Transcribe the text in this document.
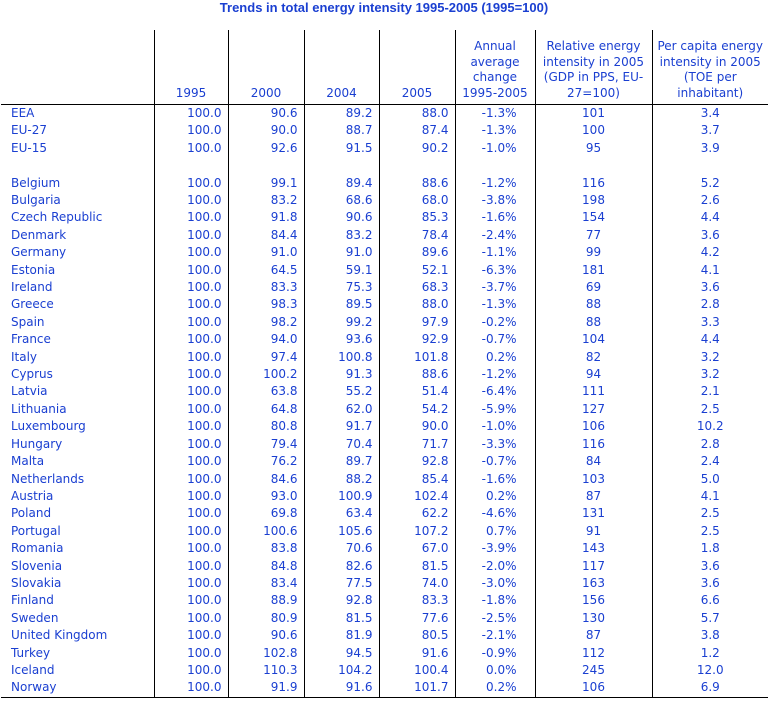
Trends in total energy intensity 1995-2005 (1995=100)
	1995	2000	2004	2005	Annual average change 1995-2005	Relative energy intensity in 2005 (GDP in PPS, EU-27=100)	Per capita energy intensity in 2005 (TOE per inhabitant)
EEA	100.0	90.6	89.2	88.0	-1.3%	101	3.4
EU-27	100.0	90.0	88.7	87.4	-1.3%	100	3.7
EU-15	100.0	92.6	91.5	90.2	-1.0%	95	3.9

Belgium	100.0	99.1	89.4	88.6	-1.2%	116	5.2
Bulgaria	100.0	83.2	68.6	68.0	-3.8%	198	2.6
Czech Republic	100.0	91.8	90.6	85.3	-1.6%	154	4.4
Denmark	100.0	84.4	83.2	78.4	-2.4%	77	3.6
Germany	100.0	91.0	91.0	89.6	-1.1%	99	4.2
Estonia	100.0	64.5	59.1	52.1	-6.3%	181	4.1
Ireland	100.0	83.3	75.3	68.3	-3.7%	69	3.6
Greece	100.0	98.3	89.5	88.0	-1.3%	88	2.8
Spain	100.0	98.2	99.2	97.9	-0.2%	88	3.3
France	100.0	94.0	93.6	92.9	-0.7%	104	4.4
Italy	100.0	97.4	100.8	101.8	0.2%	82	3.2
Cyprus	100.0	100.2	91.3	88.6	-1.2%	94	3.2
Latvia	100.0	63.8	55.2	51.4	-6.4%	111	2.1
Lithuania	100.0	64.8	62.0	54.2	-5.9%	127	2.5
Luxembourg	100.0	80.8	91.7	90.0	-1.0%	106	10.2
Hungary	100.0	79.4	70.4	71.7	-3.3%	116	2.8
Malta	100.0	76.2	89.7	92.8	-0.7%	84	2.4
Netherlands	100.0	84.6	88.2	85.4	-1.6%	103	5.0
Austria	100.0	93.0	100.9	102.4	0.2%	87	4.1
Poland	100.0	69.8	63.4	62.2	-4.6%	131	2.5
Portugal	100.0	100.6	105.6	107.2	0.7%	91	2.5
Romania	100.0	83.8	70.6	67.0	-3.9%	143	1.8
Slovenia	100.0	84.8	82.6	81.5	-2.0%	117	3.6
Slovakia	100.0	83.4	77.5	74.0	-3.0%	163	3.6
Finland	100.0	88.9	92.8	83.3	-1.8%	156	6.6
Sweden	100.0	80.9	81.5	77.6	-2.5%	130	5.7
United Kingdom	100.0	90.6	81.9	80.5	-2.1%	87	3.8
Turkey	100.0	102.8	94.5	91.6	-0.9%	112	1.2
Iceland	100.0	110.3	104.2	100.4	0.0%	245	12.0
Norway	100.0	91.9	91.6	101.7	0.2%	106	6.9
